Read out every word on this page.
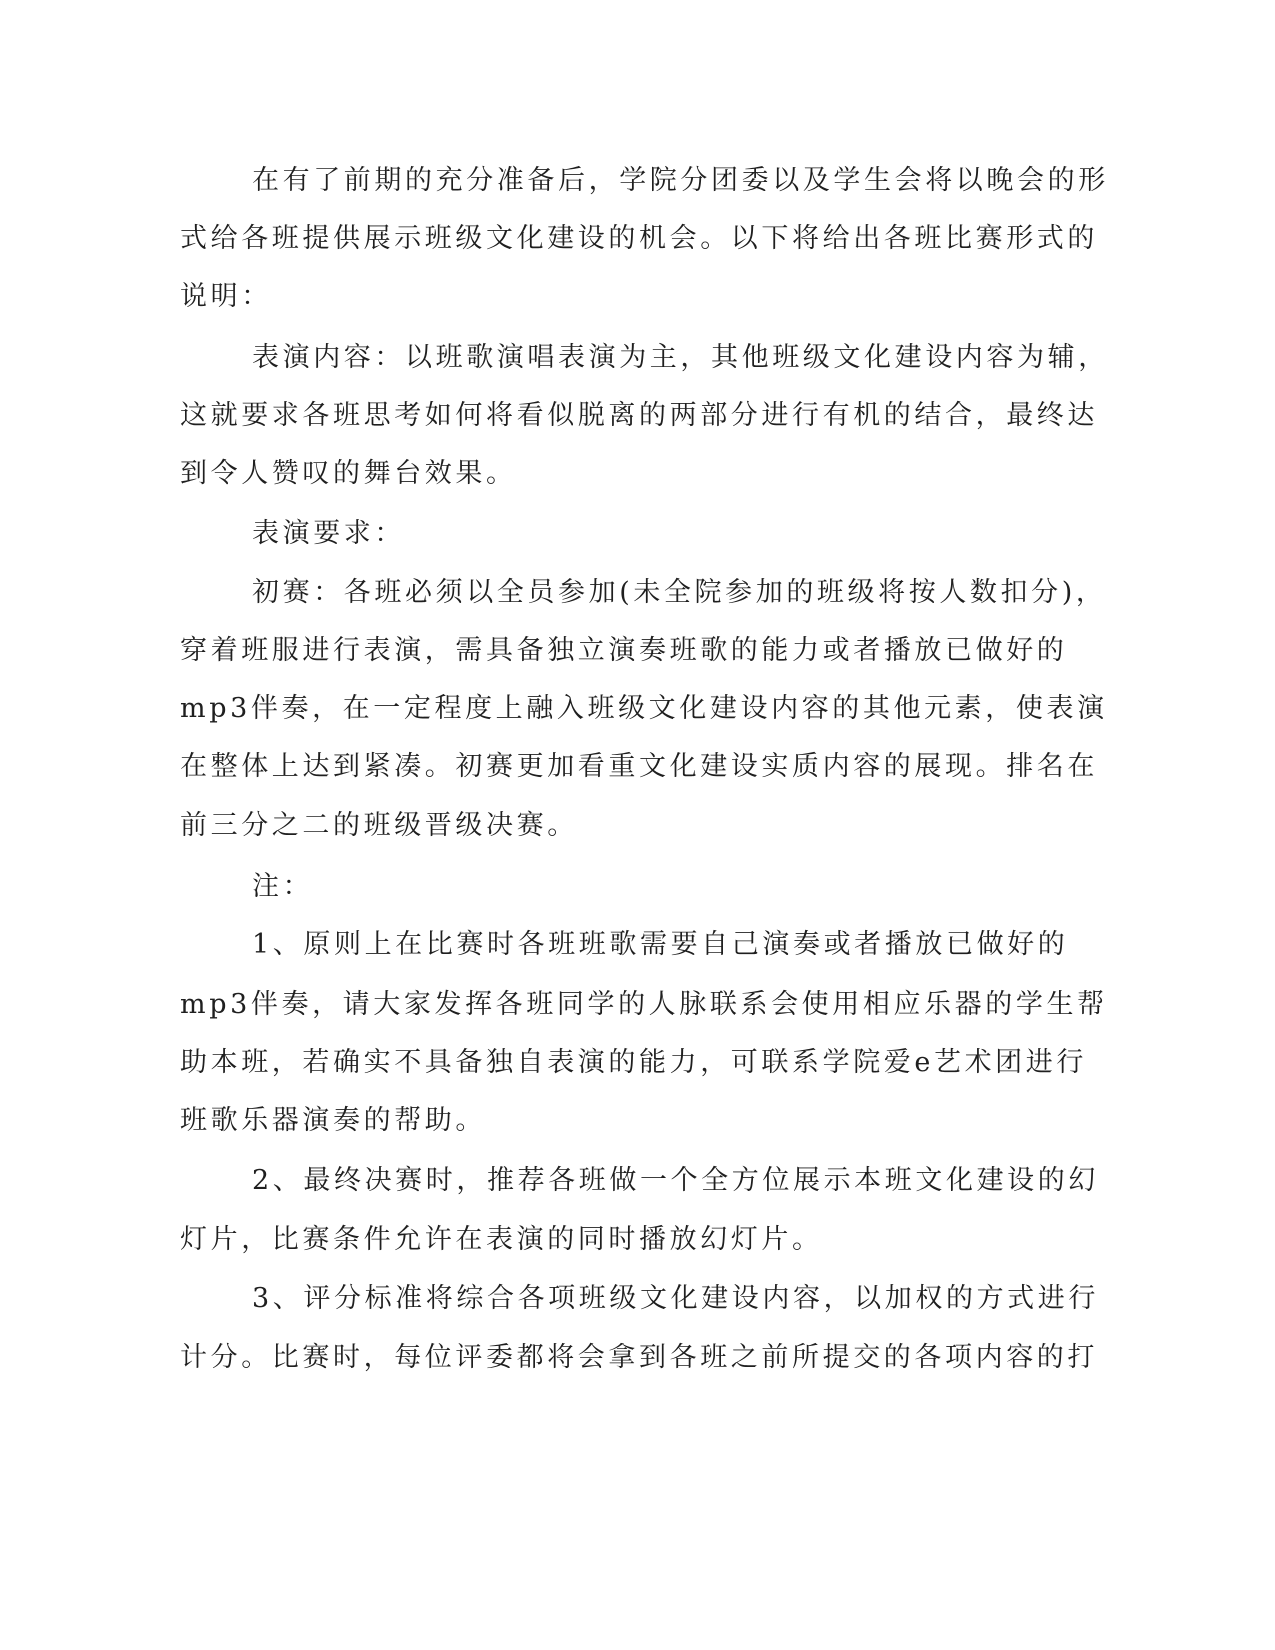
在有了前期的充分准备后，学院分团委以及学生会将以晚会的形
式给各班提供展示班级文化建设的机会。以下将给出各班比赛形式的
说明：
表演内容：以班歌演唱表演为主，其他班级文化建设内容为辅，
这就要求各班思考如何将看似脱离的两部分进行有机的结合，最终达
到令人赞叹的舞台效果。
表演要求：
初赛：各班必须以全员参加(未全院参加的班级将按人数扣分)，
穿着班服进行表演，需具备独立演奏班歌的能力或者播放已做好的
mp3伴奏，在一定程度上融入班级文化建设内容的其他元素，使表演
在整体上达到紧凑。初赛更加看重文化建设实质内容的展现。排名在
前三分之二的班级晋级决赛。
注：
1、原则上在比赛时各班班歌需要自己演奏或者播放已做好的
mp3伴奏，请大家发挥各班同学的人脉联系会使用相应乐器的学生帮
助本班，若确实不具备独自表演的能力，可联系学院爱e艺术团进行
班歌乐器演奏的帮助。
2、最终决赛时，推荐各班做一个全方位展示本班文化建设的幻
灯片，比赛条件允许在表演的同时播放幻灯片。
3、评分标准将综合各项班级文化建设内容，以加权的方式进行
计分。比赛时，每位评委都将会拿到各班之前所提交的各项内容的打
